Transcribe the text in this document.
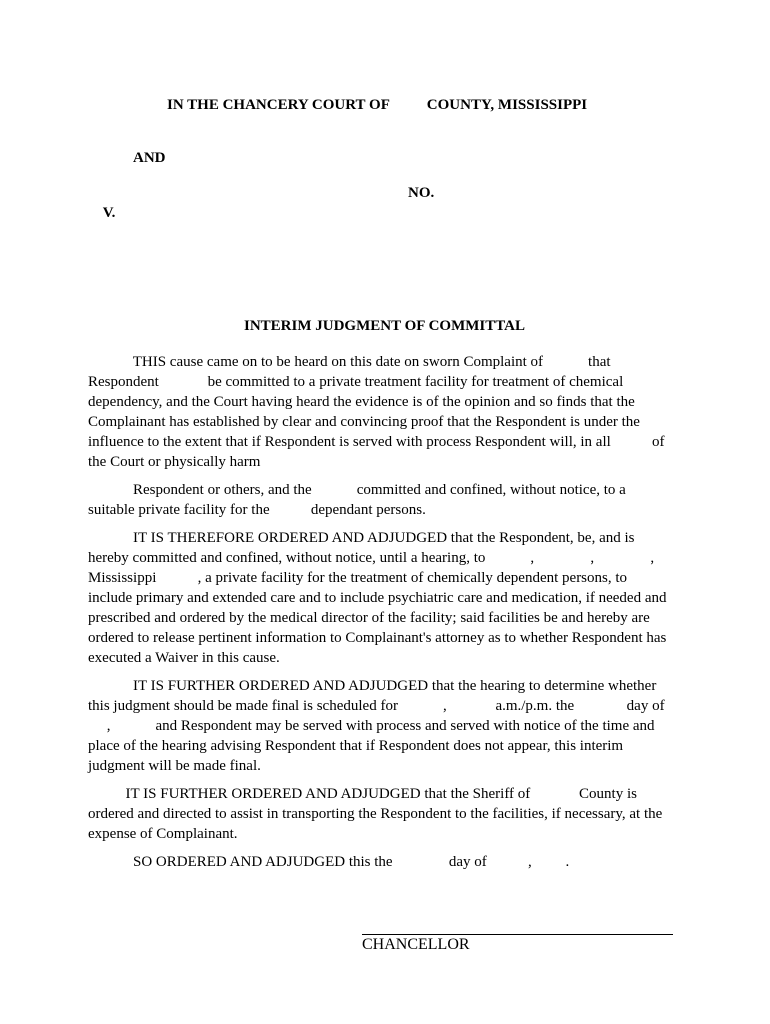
IN THE CHANCERY COURT OF          COUNTY, MISSISSIPPI
AND

V.

NO.

INTERIM JUDGMENT OF COMMITTAL
THIS cause came on to be heard on this date on sworn Complaint of            that
Respondent             be committed to a private treatment facility for treatment of chemical
dependency, and the Court having heard the evidence is of the opinion and so finds that the
Complainant has established by clear and convincing proof that the Respondent is under the
influence to the extent that if Respondent is served with process Respondent will, in all           of
the Court or physically harm
Respondent or others, and the            committed and confined, without notice, to a
suitable private facility for the           dependant persons.
IT IS THEREFORE ORDERED AND ADJUDGED that the Respondent, be, and is
hereby committed and confined, without notice, until a hearing, to            ,               ,               ,
Mississippi           , a private facility for the treatment of chemically dependent persons, to
include primary and extended care and to include psychiatric care and medication, if needed and
prescribed and ordered by the medical director of the facility; said facilities be and hereby are
ordered to release pertinent information to Complainant's attorney as to whether Respondent has
executed a Waiver in this cause.
IT IS FURTHER ORDERED AND ADJUDGED that the hearing to determine whether
this judgment should be made final is scheduled for            ,             a.m./p.m. the              day of
,            and Respondent may be served with process and served with notice of the time and
place of the hearing advising Respondent that if Respondent does not appear, this interim
judgment will be made final.
IT IS FURTHER ORDERED AND ADJUDGED that the Sheriff of             County is
ordered and directed to assist in transporting the Respondent to the facilities, if necessary, at the
expense of Complainant.
SO ORDERED AND ADJUDGED this the               day of           ,         .
CHANCELLOR
